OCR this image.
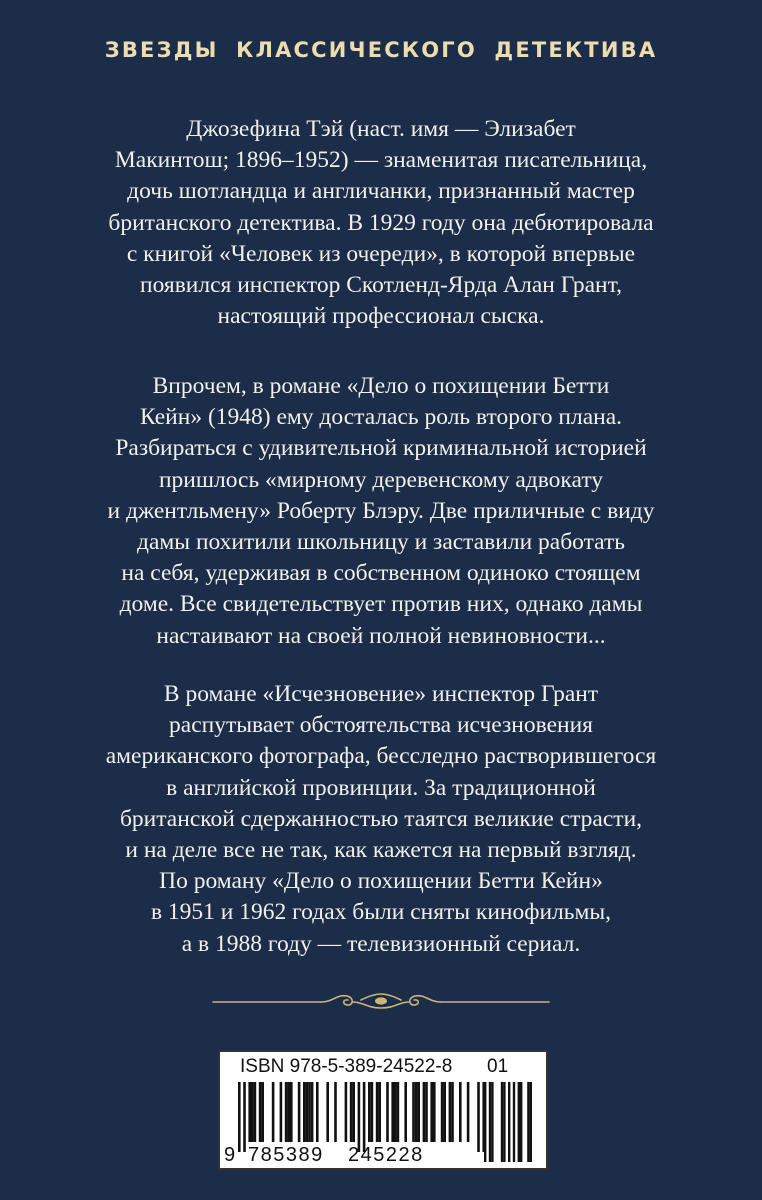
ЗВЕЗДЫ КЛАССИЧЕСКОГО ДЕТЕКТИВА
Джозефина Тэй (наст. имя — Элизабет
Макинтош; 1896–1952) — знаменитая писательница,
дочь шотландца и англичанки, признанный мастер
британского детектива. В 1929 году она дебютировала
с книгой «Человек из очереди», в которой впервые
появился инспектор Скотленд-Ярда Алан Грант,
настоящий профессионал сыска.
Впрочем, в романе «Дело о похищении Бетти
Кейн» (1948) ему досталась роль второго плана.
Разбираться с удивительной криминальной историей
пришлось «мирному деревенскому адвокату
и джентльмену» Роберту Блэру. Две приличные с виду
дамы похитили школьницу и заставили работать
на себя, удерживая в собственном одиноко стоящем
доме. Все свидетельствует против них, однако дамы
настаивают на своей полной невиновности...
В романе «Исчезновение» инспектор Грант
распутывает обстоятельства исчезновения
американского фотографа, бесследно растворившегося
в английской провинции. За традиционной
британской сдержанностью таятся великие страсти,
и на деле все не так, как кажется на первый взгляд.
По роману «Дело о похищении Бетти Кейн»
в 1951 и 1962 годах были сняты кинофильмы,
а в 1988 году — телевизионный сериал.
ISBN 978-5-389-24522-8 01
9 785389 245228
